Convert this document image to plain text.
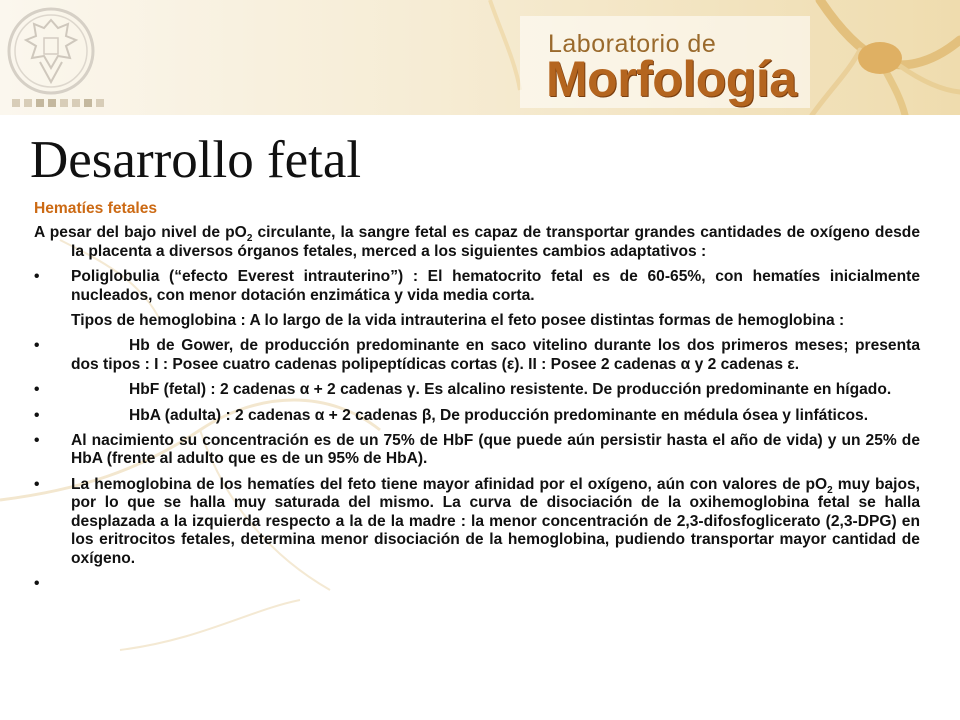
Laboratorio de
Morfología
Desarrollo fetal
Hematíes fetales

A pesar del bajo nivel de $pO_2$ circulante, la sangre fetal es capaz de transportar grandes cantidades de oxígeno desde la placenta a diversos órganos fetales, merced a los siguientes cambios adaptativos :

• Poliglobulia (“efecto Everest intrauterino”) : El hematocrito fetal es de 60-65%, con hematíes inicialmente nucleados, con menor dotación enzimática y vida media corta.
Tipos de hemoglobina : A lo largo de la vida intrauterina el feto posee distintas formas de hemoglobina :
•	Hb de Gower, de producción predominante en saco vitelino durante los dos primeros meses; presenta dos tipos : I : Posee cuatro cadenas polipeptídicas cortas (ε). II : Posee 2 cadenas α y 2 cadenas ε.
•	HbF (fetal) : 2 cadenas α + 2 cadenas γ. Es alcalino resistente. De producción predominante en hígado.
•	HbA (adulta) : 2 cadenas α + 2 cadenas β, De producción predominante en médula ósea y linfáticos.
• Al nacimiento su concentración es de un 75% de HbF (que puede aún persistir hasta el año de vida) y un 25% de HbA (frente al adulto que es de un 95% de HbA).
• La hemoglobina de los hematíes del feto tiene mayor afinidad por el oxígeno, aún con valores de $pO_2$ muy bajos, por lo que se halla muy saturada del mismo. La curva de disociación de la oxihemoglobina fetal se halla desplazada a la izquierda respecto a la de la madre : la menor concentración de 2,3-difosfoglicerato (2,3-DPG) en los eritrocitos fetales, determina menor disociación de la hemoglobina, pudiendo transportar mayor cantidad de oxígeno.
•
